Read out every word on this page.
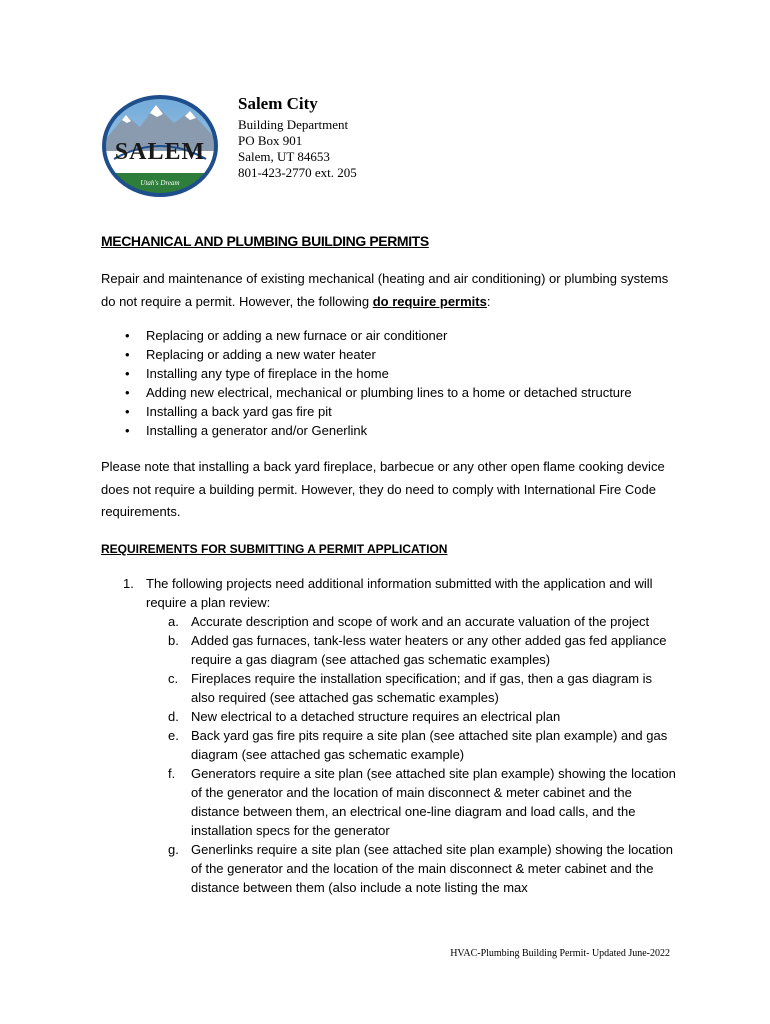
SALEM
Utah's Dream
Salem City
Building Department
PO Box 901
Salem, UT 84653
801-423-2770 ext. 205
MECHANICAL AND PLUMBING BUILDING PERMITS

Repair and maintenance of existing mechanical (heating and air conditioning) or plumbing systems do not require a permit. However, the following do require permits:

• Replacing or adding a new furnace or air conditioner
• Replacing or adding a new water heater
• Installing any type of fireplace in the home
• Adding new electrical, mechanical or plumbing lines to a home or detached structure
• Installing a back yard gas fire pit
• Installing a generator and/or Generlink

Please note that installing a back yard fireplace, barbecue or any other open flame cooking device does not require a building permit. However, they do need to comply with International Fire Code requirements.

REQUIREMENTS FOR SUBMITTING A PERMIT APPLICATION
1. The following projects need additional information submitted with the application and will require a plan review:
a. Accurate description and scope of work and an accurate valuation of the project
b. Added gas furnaces, tank-less water heaters or any other added gas fed appliance require a gas diagram (see attached gas schematic examples)
c. Fireplaces require the installation specification; and if gas, then a gas diagram is also required (see attached gas schematic examples)
d. New electrical to a detached structure requires an electrical plan
e. Back yard gas fire pits require a site plan (see attached site plan example) and gas diagram (see attached gas schematic example)
f. Generators require a site plan (see attached site plan example) showing the location of the generator and the location of main disconnect & meter cabinet and the distance between them, an electrical one-line diagram and load calls, and the installation specs for the generator
g. Generlinks require a site plan (see attached site plan example) showing the location of the generator and the location of the main disconnect & meter cabinet and the distance between them (also include a note listing the max
HVAC-Plumbing Building Permit- Updated June-2022
